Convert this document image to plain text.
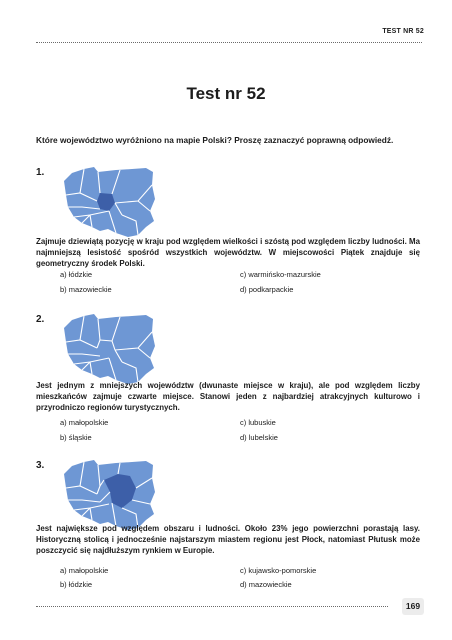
TEST NR 52
Test nr 52
Które województwo wyróżniono na mapie Polski? Proszę zaznaczyć poprawną odpowiedź.
1.
Zajmuje dziewiątą pozycję w kraju pod względem wielkości i szóstą pod względem liczby ludności. Ma najmniejszą lesistość spośród wszystkich województw. W miejscowości Piątek znajduje się geometryczny środek Polski.
a) łódzkie
b) mazowieckie
c) warmińsko-mazurskie
d) podkarpackie
2.
Jest jednym z mniejszych województw (dwunaste miejsce w kraju), ale pod względem liczby mieszkańców zajmuje czwarte miejsce. Stanowi jeden z najbardziej atrakcyjnych kulturowo i przyrodniczo regionów turystycznych.
a) małopolskie
b) śląskie
c) lubuskie
d) lubelskie
3.
Jest największe pod względem obszaru i ludności. Około 23% jego powierzchni porastają lasy. Historyczną stolicą i jednocześnie najstarszym miastem regionu jest Płock, natomiast Płutusk może poszczycić się najdłuższym rynkiem w Europie.
a) małopolskie
b) łódzkie
c) kujawsko-pomorskie
d) mazowieckie
169
